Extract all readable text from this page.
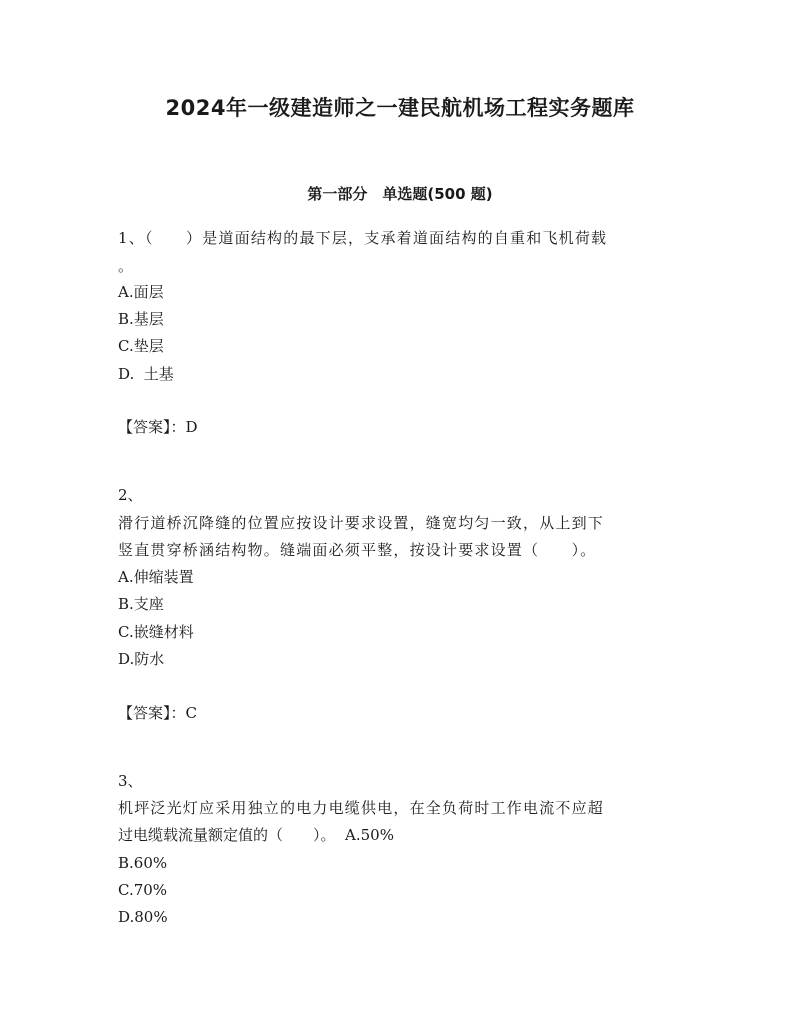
2024年一级建造师之一建民航机场工程实务题库
第一部分　单选题(500 题)
1、（　　）是道面结构的最下层，支承着道面结构的自重和飞机荷载
。
A.面层
B.基层
C.垫层
D.  土基
【答案】：D
2、
滑行道桥沉降缝的位置应按设计要求设置，缝宽均匀一致，从上到下
竖直贯穿桥涵结构物。缝端面必须平整，按设计要求设置（　　）。
A.伸缩装置
B.支座
C.嵌缝材料
D.防水
【答案】：C
3、
机坪泛光灯应采用独立的电力电缆供电，在全负荷时工作电流不应超
过电缆载流量额定值的（　　）。  A.50%
B.60%
C.70%
D.80%
